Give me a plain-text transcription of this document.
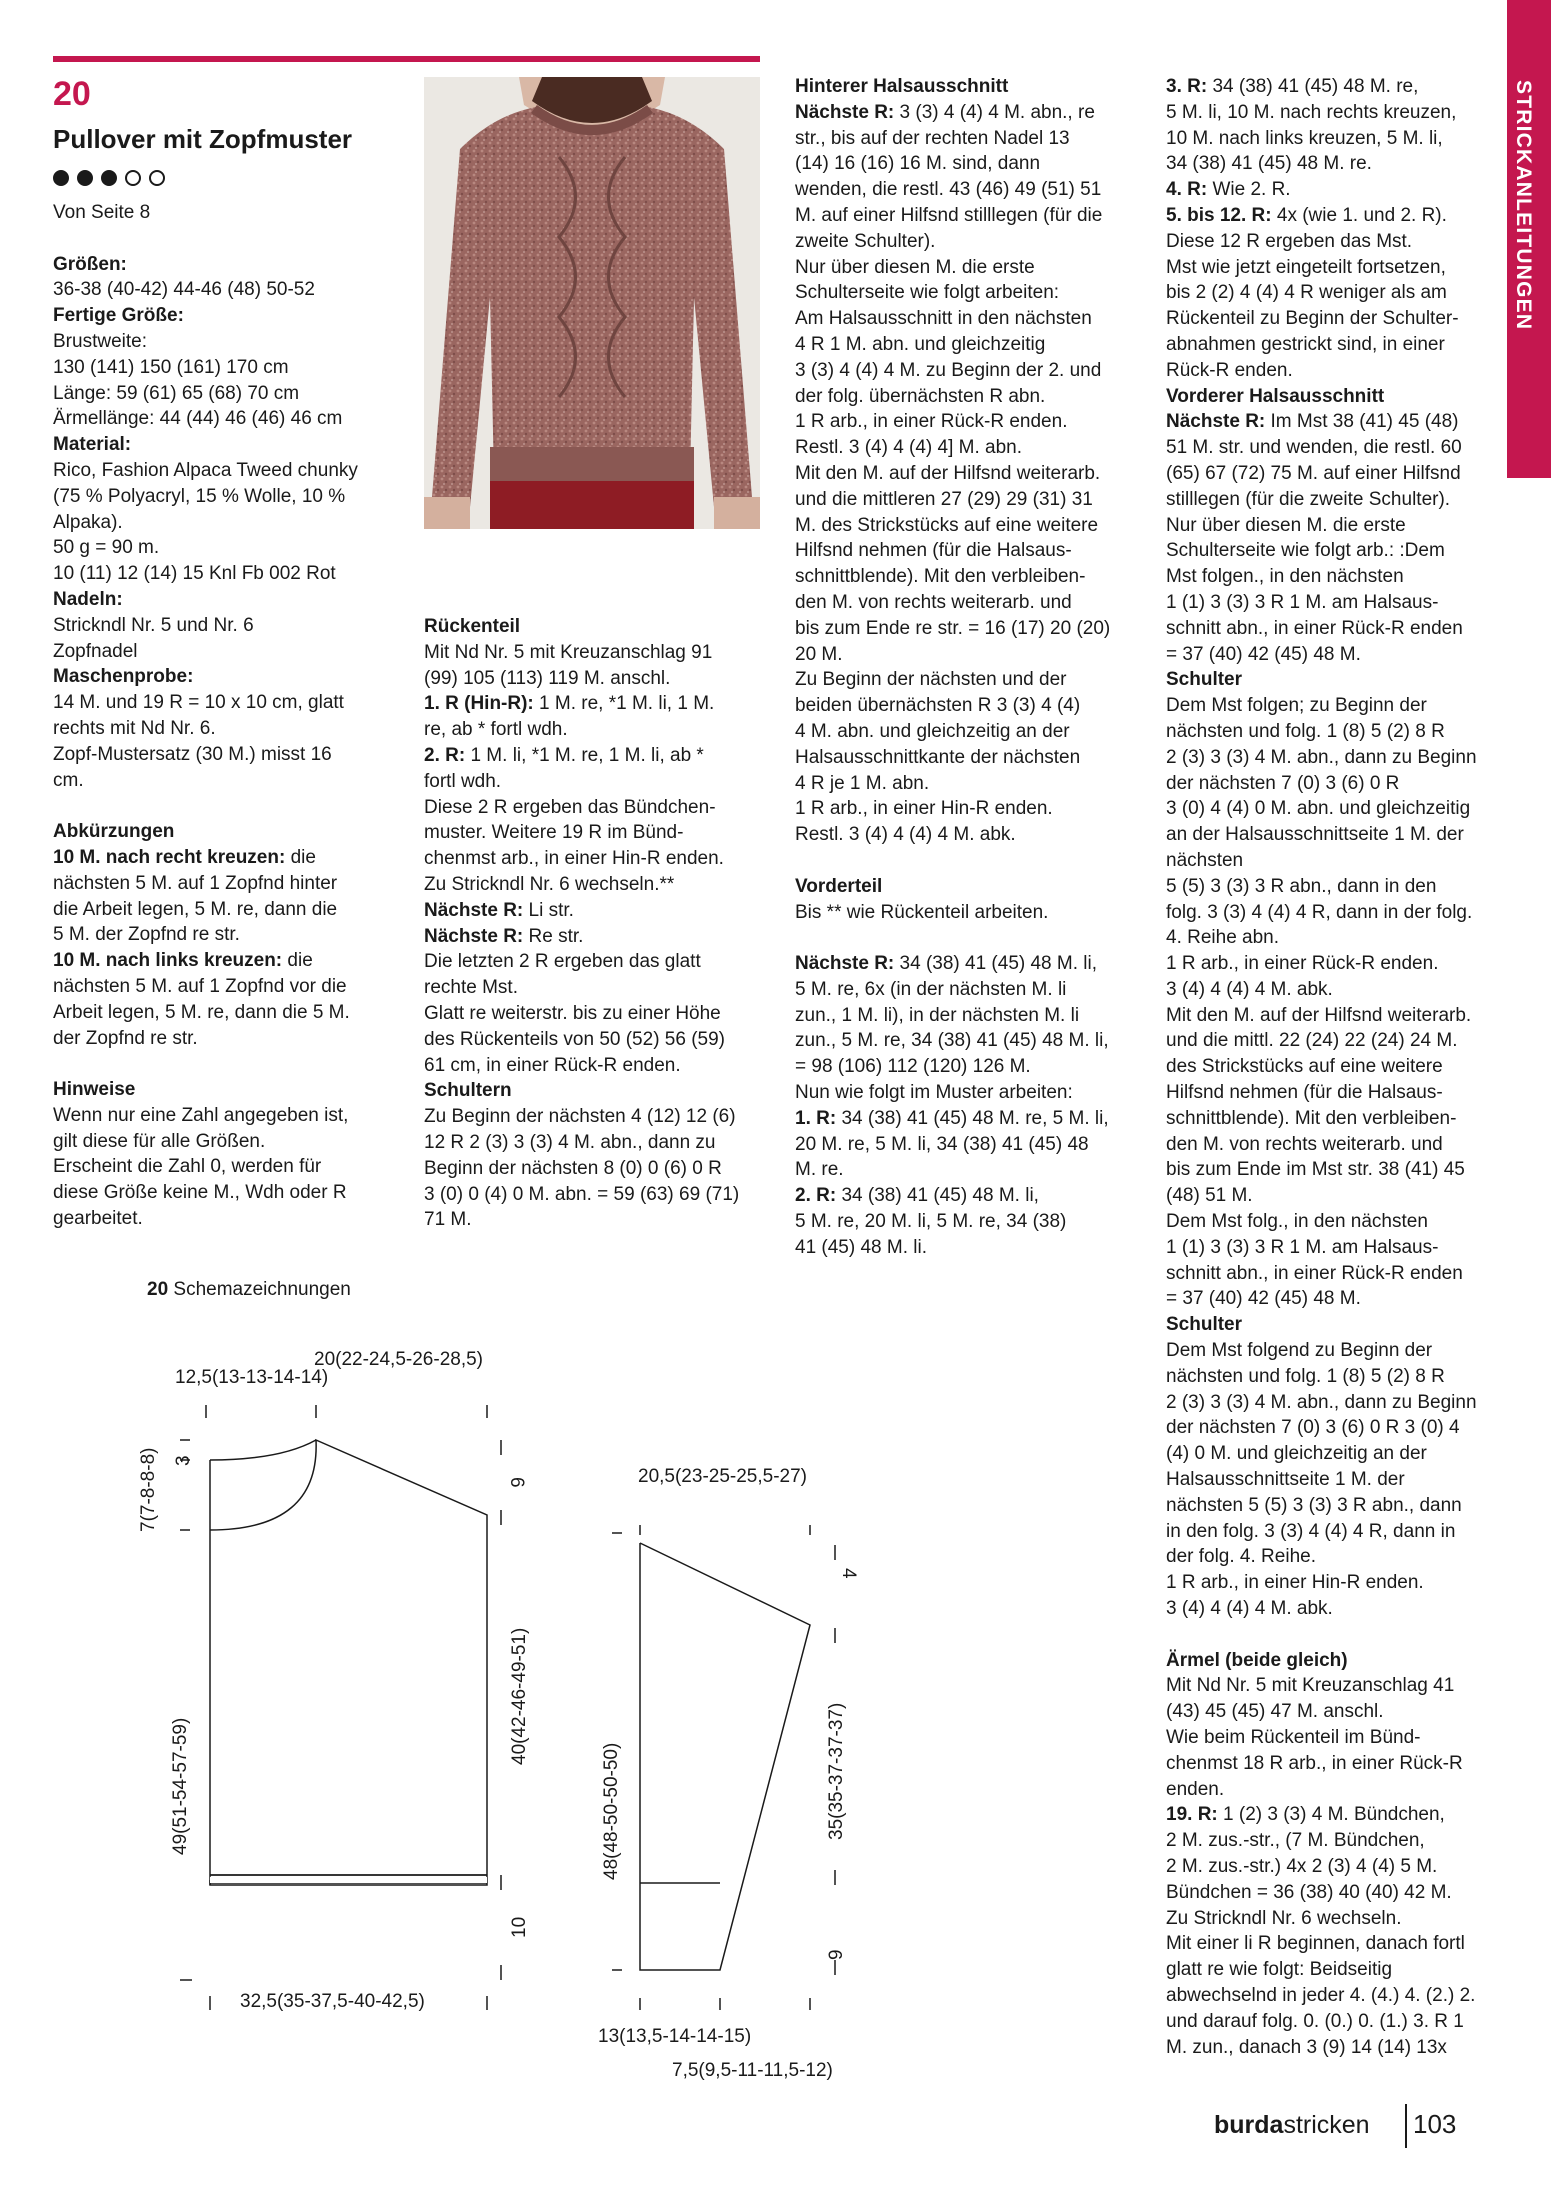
STRICKANLEITUNGEN
20
Pullover mit Zopfmuster

Von Seite 8

Größen:

36-38 (40-42) 44-46 (48) 50-52

Fertige Größe:

Brustweite:

130 (141) 150 (161) 170 cm

Länge: 59 (61) 65 (68) 70 cm

Ärmellänge: 44 (44) 46 (46) 46 cm

Material:

Rico, Fashion Alpaca Tweed chunky

(75 % Polyacryl, 15 % Wolle, 10 %

Alpaka).

50 g = 90 m.

10 (11) 12 (14) 15 Knl Fb 002 Rot

Nadeln:

Strickndl Nr. 5 und Nr. 6

Zopfnadel

Maschenprobe:

14 M. und 19 R = 10 x 10 cm, glatt

rechts mit Nd Nr. 6.

Zopf-Mustersatz (30 M.) misst 16

cm.

Abkürzungen

10 M. nach recht kreuzen: die

nächsten 5 M. auf 1 Zopfnd hinter

die Arbeit legen, 5 M. re, dann die

5 M. der Zopfnd re str.

10 M. nach links kreuzen: die

nächsten 5 M. auf 1 Zopfnd vor die

Arbeit legen, 5 M. re, dann die 5 M.

der Zopfnd re str.

Hinweise

Wenn nur eine Zahl angegeben ist,

gilt diese für alle Größen.

Erscheint die Zahl 0, werden für

diese Größe keine M., Wdh oder R

gearbeitet.

Rückenteil

Mit Nd Nr. 5 mit Kreuzanschlag 91

(99) 105 (113) 119 M. anschl.

1. R (Hin-R): 1 M. re, *1 M. li, 1 M.

re, ab * fortl wdh.

2. R: 1 M. li, *1 M. re, 1 M. li, ab *

fortl wdh.

Diese 2 R ergeben das Bündchen-

muster. Weitere 19 R im Bünd-

chenmst arb., in einer Hin-R enden.

Zu Strickndl Nr. 6 wechseln.**

Nächste R: Li str.

Nächste R: Re str.

Die letzten 2 R ergeben das glatt

rechte Mst.

Glatt re weiterstr. bis zu einer Höhe

des Rückenteils von 50 (52) 56 (59)

61 cm, in einer Rück-R enden.

Schultern

Zu Beginn der nächsten 4 (12) 12 (6)

12 R 2 (3) 3 (3) 4 M. abn., dann zu

Beginn der nächsten 8 (0) 0 (6) 0 R

3 (0) 0 (4) 0 M. abn. = 59 (63) 69 (71)

71 M.

Hinterer Halsausschnitt

Nächste R: 3 (3) 4 (4) 4 M. abn., re

str., bis auf der rechten Nadel 13

(14) 16 (16) 16 M. sind, dann

wenden, die restl. 43 (46) 49 (51) 51

M. auf einer Hilfsnd stilllegen (für die

zweite Schulter).

Nur über diesen M. die erste

Schulterseite wie folgt arbeiten:

Am Halsausschnitt in den nächsten

4 R 1 M. abn. und gleichzeitig

3 (3) 4 (4) 4 M. zu Beginn der 2. und

der folg. übernächsten R abn.

1 R arb., in einer Rück-R enden.

Restl. 3 (4) 4 (4) 4] M. abn.

Mit den M. auf der Hilfsnd weiterarb.

und die mittleren 27 (29) 29 (31) 31

M. des Strickstücks auf eine weitere

Hilfsnd nehmen (für die Halsaus-

schnittblende). Mit den verbleiben-

den M. von rechts weiterarb. und

bis zum Ende re str. = 16 (17) 20 (20)

20 M.

Zu Beginn der nächsten und der

beiden übernächsten R 3 (3) 4 (4)

4 M. abn. und gleichzeitig an der

Halsausschnittkante der nächsten

4 R je 1 M. abn.

1 R arb., in einer Hin-R enden.

Restl. 3 (4) 4 (4) 4 M. abk.

Vorderteil

Bis ** wie Rückenteil arbeiten.

Nächste R: 34 (38) 41 (45) 48 M. li,

5 M. re, 6x (in der nächsten M. li

zun., 1 M. li), in der nächsten M. li

zun., 5 M. re, 34 (38) 41 (45) 48 M. li,

= 98 (106) 112 (120) 126 M.

Nun wie folgt im Muster arbeiten:

1. R: 34 (38) 41 (45) 48 M. re, 5 M. li,

20 M. re, 5 M. li, 34 (38) 41 (45) 48

M. re.

2. R: 34 (38) 41 (45) 48 M. li,

5 M. re, 20 M. li, 5 M. re, 34 (38)

41 (45) 48 M. li.

3. R: 34 (38) 41 (45) 48 M. re,

5 M. li, 10 M. nach rechts kreuzen,

10 M. nach links kreuzen, 5 M. li,

34 (38) 41 (45) 48 M. re.

4. R: Wie 2. R.

5. bis 12. R: 4x (wie 1. und 2. R).

Diese 12 R ergeben das Mst.

Mst wie jetzt eingeteilt fortsetzen,

bis 2 (2) 4 (4) 4 R weniger als am

Rückenteil zu Beginn der Schulter-

abnahmen gestrickt sind, in einer

Rück-R enden.

Vorderer Halsausschnitt

Nächste R: Im Mst 38 (41) 45 (48)

51 M. str. und wenden, die restl. 60

(65) 67 (72) 75 M. auf einer Hilfsnd

stilllegen (für die zweite Schulter).

Nur über diesen M. die erste

Schulterseite wie folgt arb.: :Dem

Mst folgen., in den nächsten

1 (1) 3 (3) 3 R 1 M. am Halsaus-

schnitt abn., in einer Rück-R enden

= 37 (40) 42 (45) 48 M.

Schulter

Dem Mst folgen; zu Beginn der

nächsten und folg. 1 (8) 5 (2) 8 R

2 (3) 3 (3) 4 M. abn., dann zu Beginn

der nächsten 7 (0) 3 (6) 0 R

3 (0) 4 (4) 0 M. abn. und gleichzeitig

an der Halsausschnittseite 1 M. der

nächsten

5 (5) 3 (3) 3 R abn., dann in den

folg. 3 (3) 4 (4) 4 R, dann in der folg.

4. Reihe abn.

1 R arb., in einer Rück-R enden.

3 (4) 4 (4) 4 M. abk.

Mit den M. auf der Hilfsnd weiterarb.

und die mittl. 22 (24) 22 (24) 24 M.

des Strickstücks auf eine weitere

Hilfsnd nehmen (für die Halsaus-

schnittblende). Mit den verbleiben-

den M. von rechts weiterarb. und

bis zum Ende im Mst str. 38 (41) 45

(48) 51 M.

Dem Mst folg., in den nächsten

1 (1) 3 (3) 3 R 1 M. am Halsaus-

schnitt abn., in einer Rück-R enden

= 37 (40) 42 (45) 48 M.

Schulter

Dem Mst folgend zu Beginn der

nächsten und folg. 1 (8) 5 (2) 8 R

2 (3) 3 (3) 4 M. abn., dann zu Beginn

der nächsten 7 (0) 3 (6) 0 R 3 (0) 4

(4) 0 M. und gleichzeitig an der

Halsausschnittseite 1 M. der

nächsten 5 (5) 3 (3) 3 R abn., dann

in den folg. 3 (3) 4 (4) 4 R, dann in

der folg. 4. Reihe.

1 R arb., in einer Hin-R enden.

3 (4) 4 (4) 4 M. abk.

Ärmel (beide gleich)

Mit Nd Nr. 5 mit Kreuzanschlag 41

(43) 45 (45) 47 M. anschl.

Wie beim Rückenteil im Bünd-

chenmst 18 R arb., in einer Rück-R

enden.

19. R: 1 (2) 3 (3) 4 M. Bündchen,

2 M. zus.-str., (7 M. Bündchen,

2 M. zus.-str.) 4x 2 (3) 4 (4) 5 M.

Bündchen = 36 (38) 40 (40) 42 M.

Zu Strickndl Nr. 6 wechseln.

Mit einer li R beginnen, danach fortl

glatt re wie folgt: Beidseitig

abwechselnd in jeder 4. (4.) 4. (2.) 2.

und darauf folg. 0. (0.) 0. (1.) 3. R 1

M. zun., danach 3 (9) 14 (14) 13x

20 Schemazeichnungen
20(22-24,5-26-28,5)
12,5(13-13-14-14)
7(7-8-8-8) 3
6
49(51-54-57-59)
40(42-46-49-51)
10
32,5(35-37,5-40-42,5)
20,5(23-25-25,5-27)
4
48(48-50-50-50)	35(35-37-37-37)
9
13(13,5-14-14-15)
7,5(9,5-11-11,5-12)
burdastricken 103
